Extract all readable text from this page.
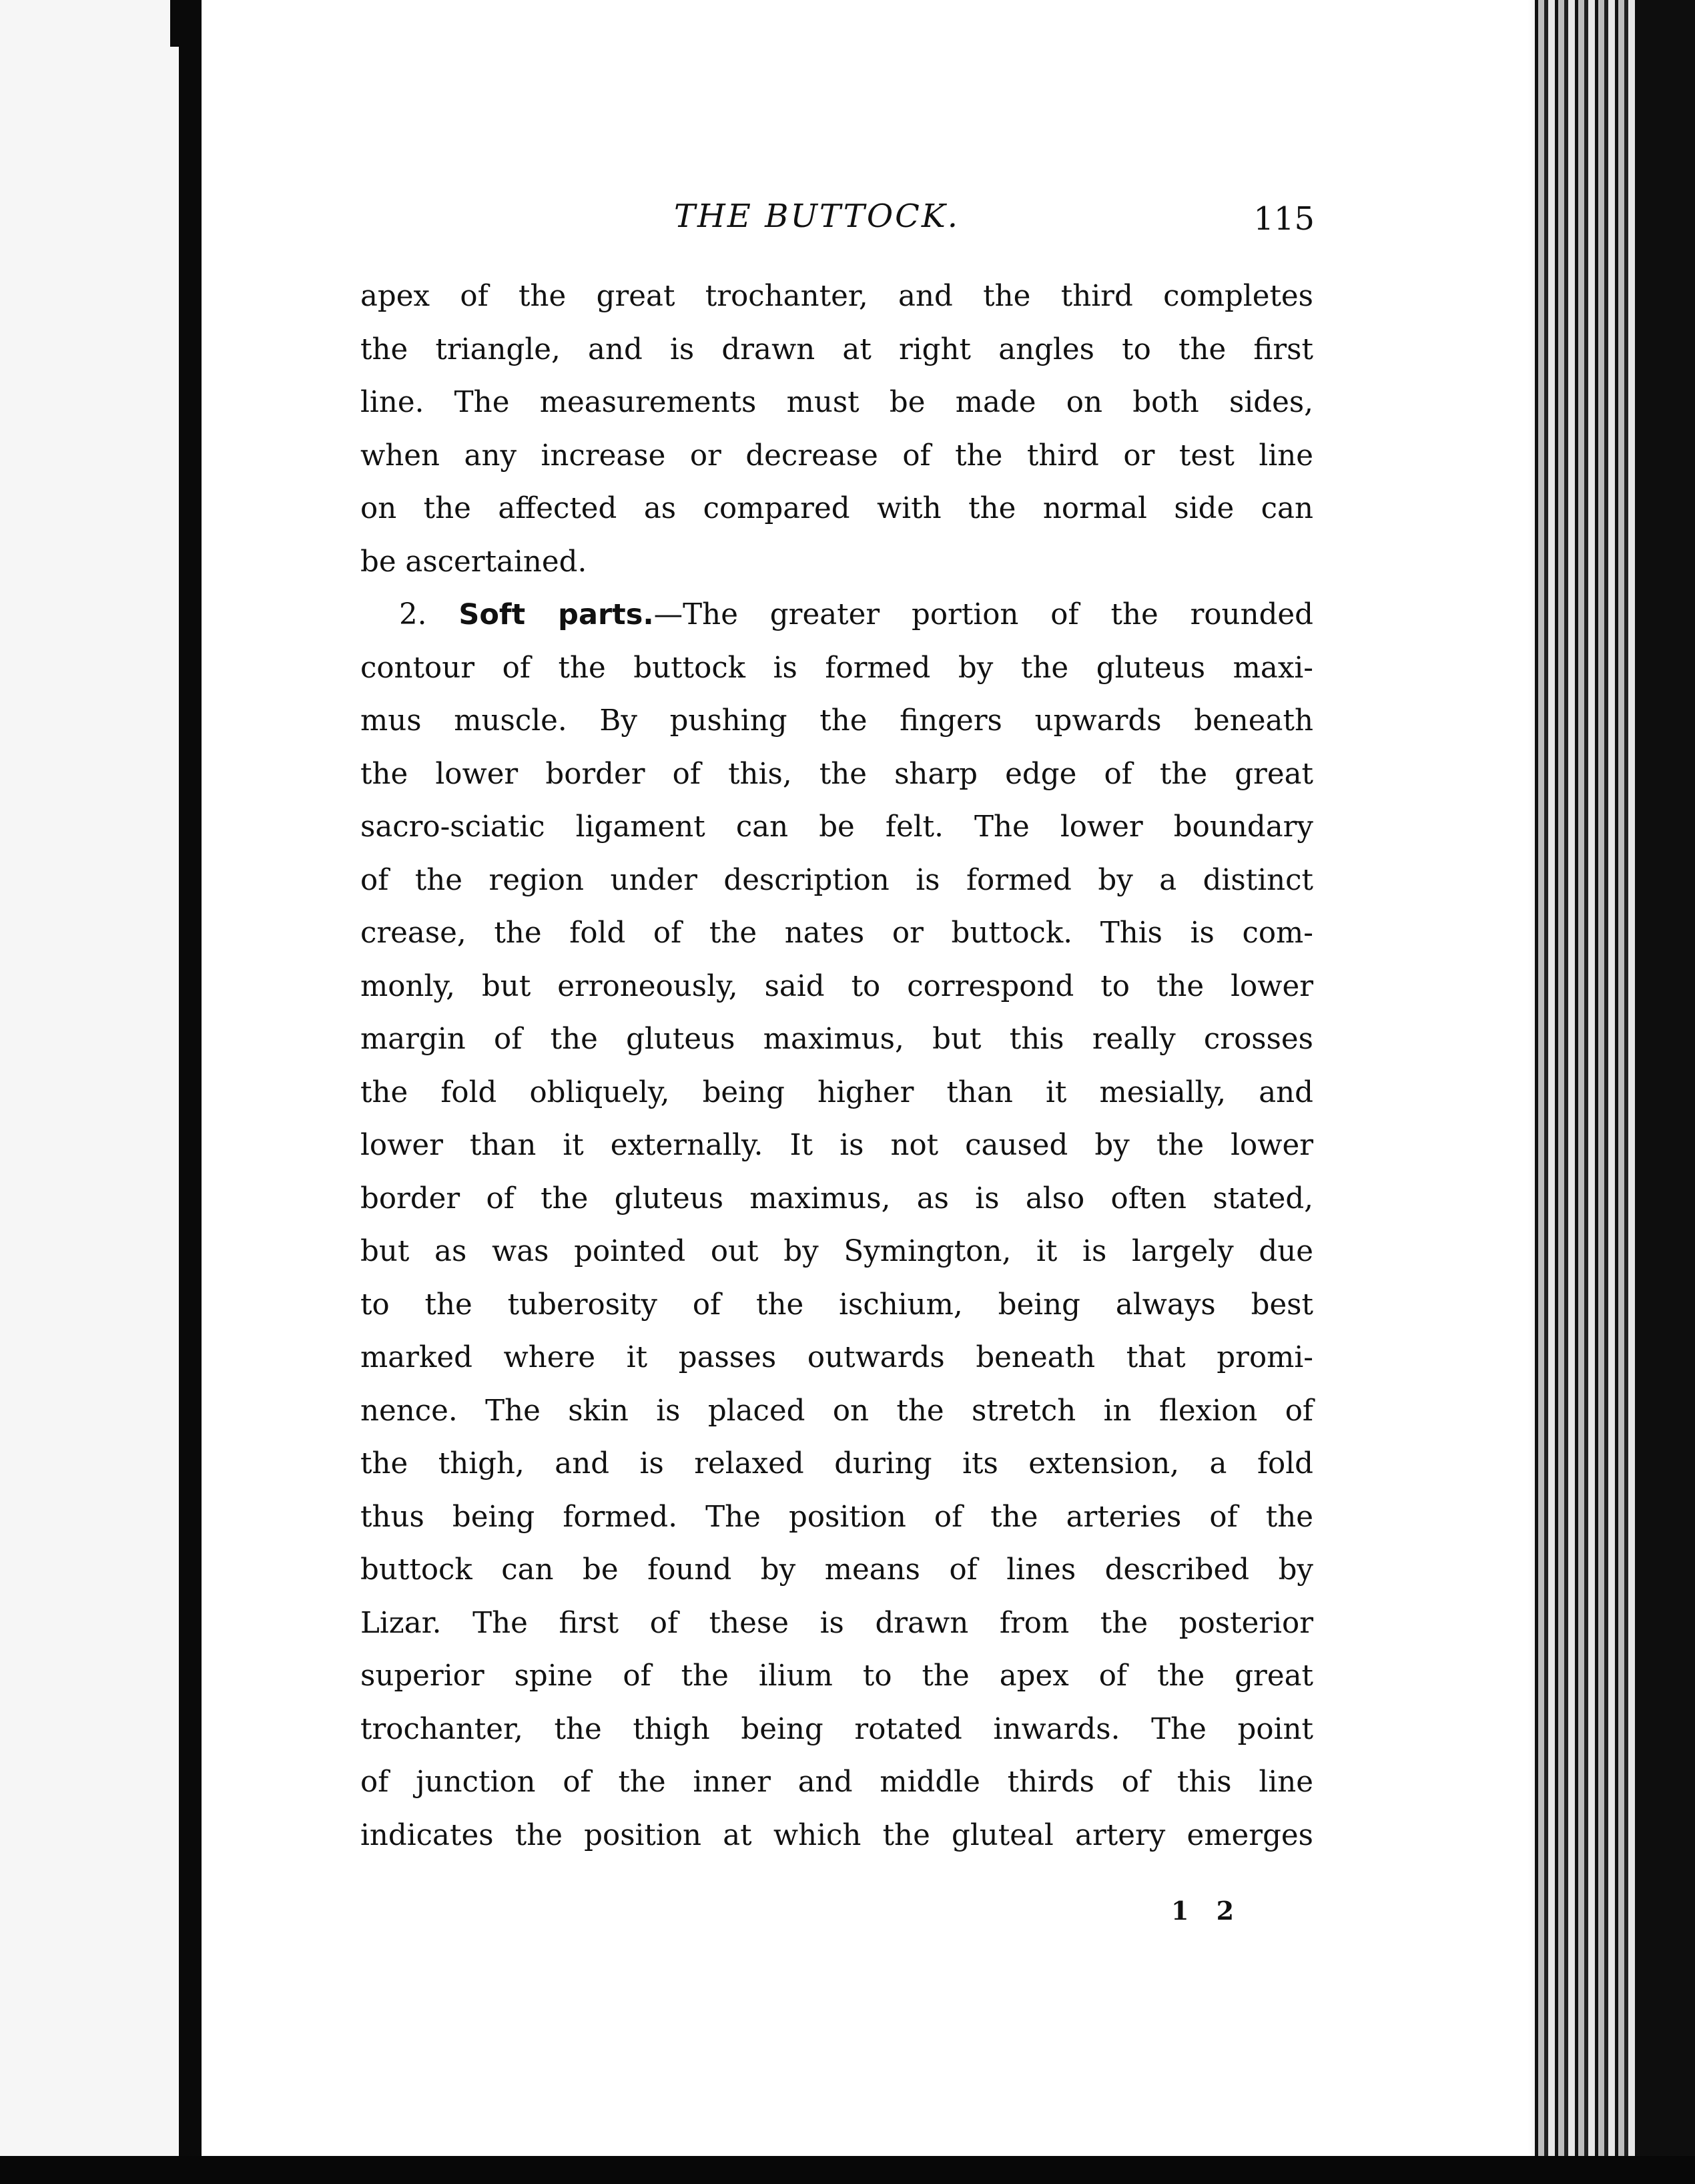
THE BUTTOCK.	115
apex of the great trochanter, and the third completes
the triangle, and is drawn at right angles to the first
line. The measurements must be made on both sides,
when any increase or decrease of the third or test line
on the affected as compared with the normal side can
be ascertained.
2. Soft parts.—The greater portion of the rounded
contour of the buttock is formed by the gluteus maxi-
mus muscle. By pushing the fingers upwards beneath
the lower border of this, the sharp edge of the great
sacro-sciatic ligament can be felt. The lower boundary
of the region under description is formed by a distinct
crease, the fold of the nates or buttock. This is com-
monly, but erroneously, said to correspond to the lower
margin of the gluteus maximus, but this really crosses
the fold obliquely, being higher than it mesially, and
lower than it externally. It is not caused by the lower
border of the gluteus maximus, as is also often stated,
but as was pointed out by Symington, it is largely due
to the tuberosity of the ischium, being always best
marked where it passes outwards beneath that promi-
nence. The skin is placed on the stretch in flexion of
the thigh, and is relaxed during its extension, a fold
thus being formed. The position of the arteries of the
buttock can be found by means of lines described by
Lizar. The first of these is drawn from the posterior
superior spine of the ilium to the apex of the great
trochanter, the thigh being rotated inwards. The point
of junction of the inner and middle thirds of this line
indicates the position at which the gluteal artery emerges
1 2
